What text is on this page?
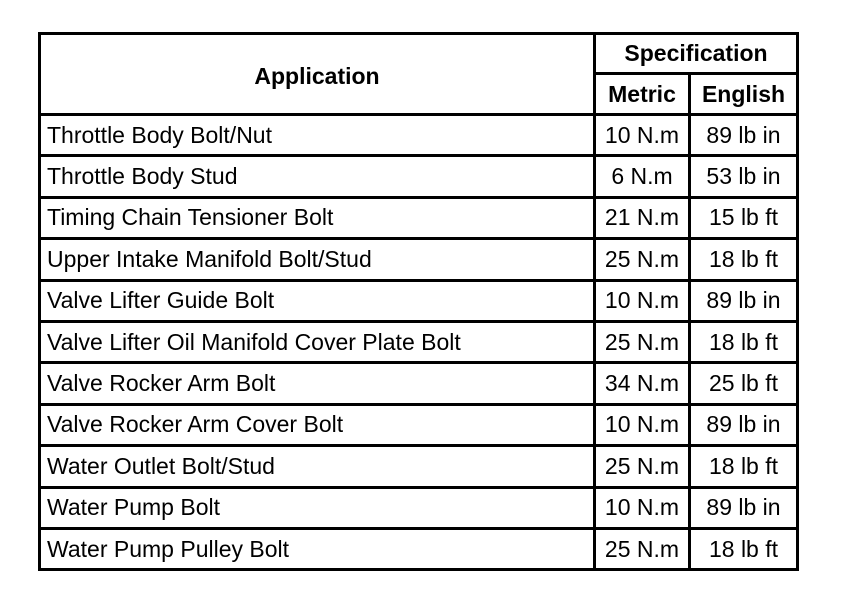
Application	Specification	
	Metric	English
Throttle Body Bolt/Nut	10 N.m	89 lb in
Throttle Body Stud	6 N.m	53 lb in
Timing Chain Tensioner Bolt	21 N.m	15 lb ft
Upper Intake Manifold Bolt/Stud	25 N.m	18 lb ft
Valve Lifter Guide Bolt	10 N.m	89 lb in
Valve Lifter Oil Manifold Cover Plate Bolt	25 N.m	18 lb ft
Valve Rocker Arm Bolt	34 N.m	25 lb ft
Valve Rocker Arm Cover Bolt	10 N.m	89 lb in
Water Outlet Bolt/Stud	25 N.m	18 lb ft
Water Pump Bolt	10 N.m	89 lb in
Water Pump Pulley Bolt	25 N.m	18 lb ft
